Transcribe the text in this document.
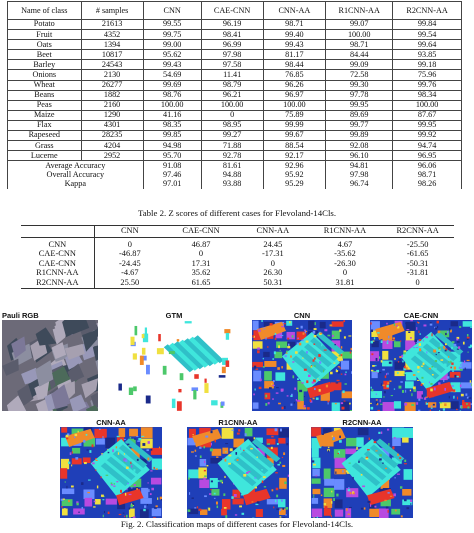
Name of class	# samples	CNN	CAE-CNN	CNN-AA	R1CNN-AA	R2CNN-AA
Potato	21613	99.55	96.19	98.71	99.07	99.84
Fruit	4352	99.75	98.41	99.40	100.00	99.54
Oats	1394	99.00	96.99	99.43	98.71	99.64
Beet	10817	95.62	97.98	81.17	84.44	93.85
Barley	24543	99.43	97.58	98.44	99.09	99.18
Onions	2130	54.69	11.41	76.85	72.58	75.96
Wheat	26277	99.69	98.79	96.26	99.30	99.76
Beans	1882	98.76	96.21	96.97	97.78	98.34
Peas	2160	100.00	100.00	100.00	99.95	100.00
Maize	1290	41.16	0	75.89	89.69	87.67
Flax	4301	98.35	98.95	99.99	99.77	99.95
Rapeseed	28235	99.85	99.27	99.67	99.89	99.92
Grass	4204	94.98	71.88	88.54	92.08	94.74
Lucerne	2952	95.70	92.78	92.17	96.10	96.95
Average Accuracy		91.08	81.61	92.96	94.81	96.06
Overall Accuracy		97.46	94.88	95.92	97.98	98.71
Kappa		97.01	93.88	95.29	96.74	98.26
Table 2. Z scores of different cases for Flevoland-14Cls.
	CNN	CAE-CNN	CNN-AA	R1CNN-AA	R2CNN-AA
CNN	0	46.87	24.45	4.67	-25.50
CAE-CNN	-46.87	0	-17.31	-35.62	-61.65
CAE-CNN	-24.45	17.31	0	-26.30	-50.31
R1CNN-AA	-4.67	35.62	26.30	0	-31.81
R2CNN-AA	25.50	61.65	50.31	31.81	0
Pauli RGB	GTM	CNN	CAE-CNN
CNN-AA	R1CNN-AA	R2CNN-AA
Fig. 2. Classification maps of different cases for Flevoland-14Cls.
